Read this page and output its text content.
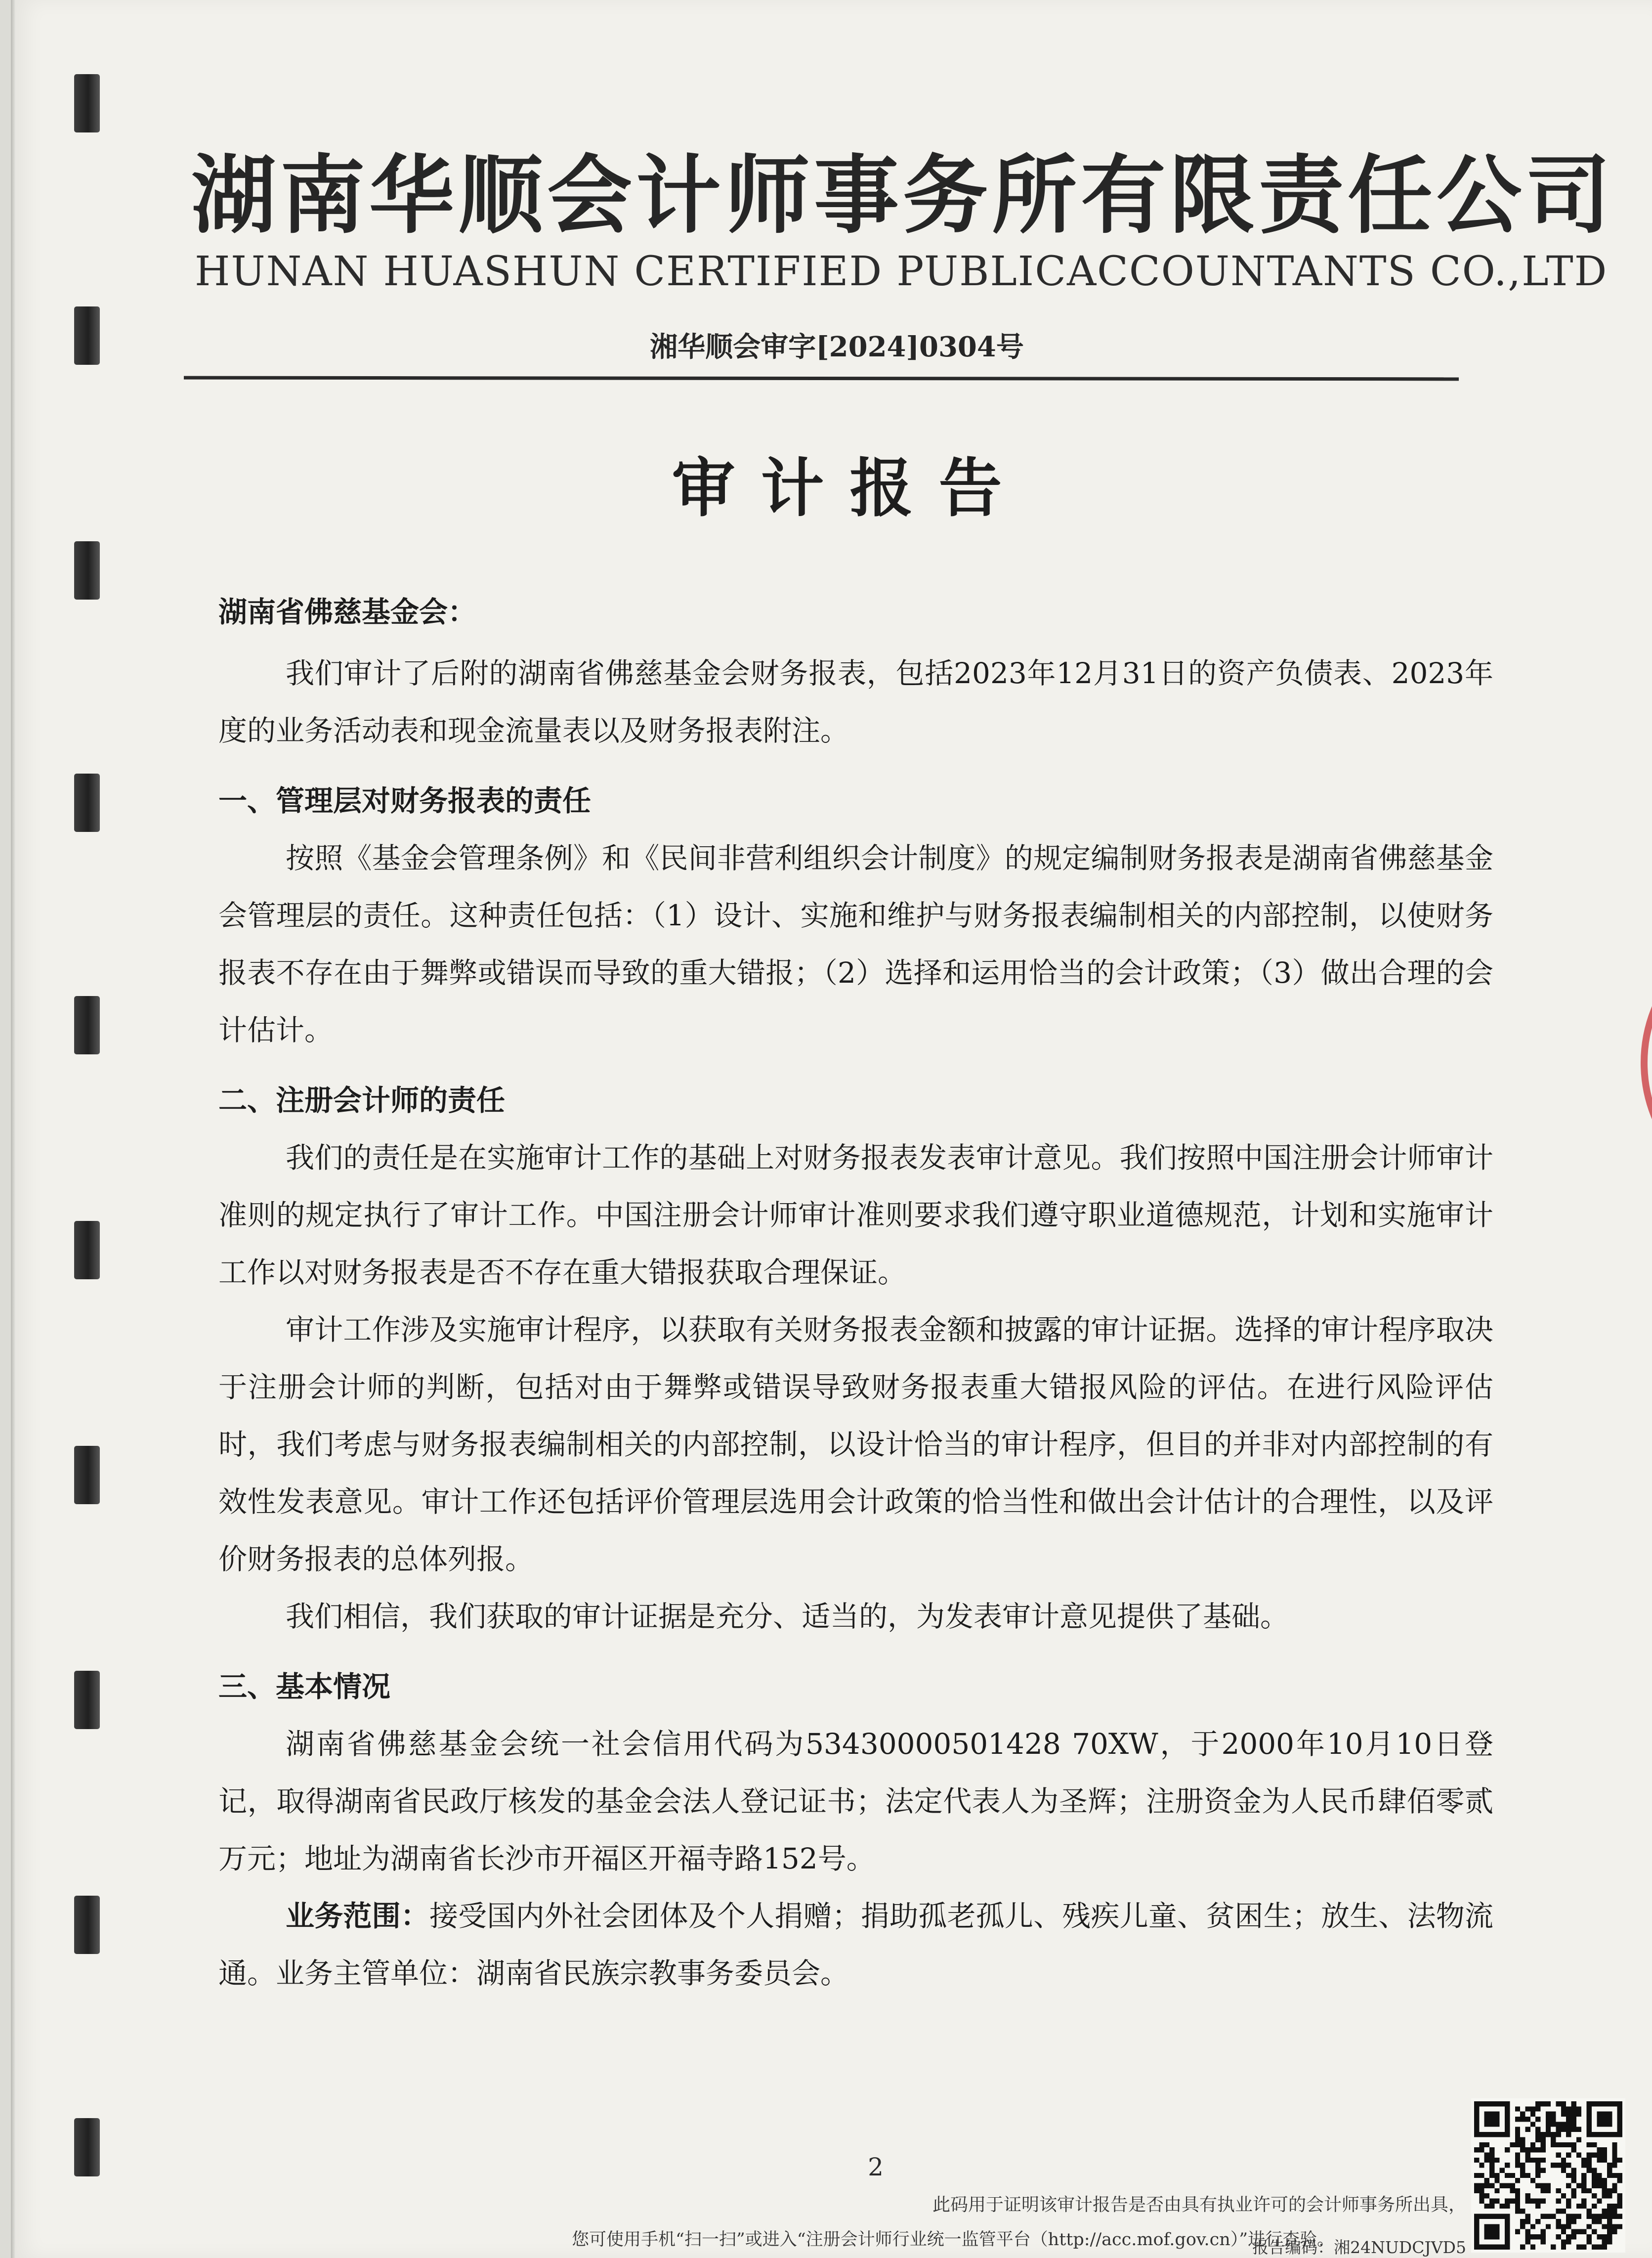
湖南华顺会计师事务所有限责任公司
HUNAN HUASHUN CERTIFIED PUBLICACCOUNTANTS CO.,LTD
湘华顺会审字[2024]0304号
审计报告

湖南省佛慈基金会：

我们审计了后附的湖南省佛慈基金会财务报表，包括2023年12月31日的资产负债表、2023年度的业务活动表和现金流量表以及财务报表附注。

一、管理层对财务报表的责任

按照《基金会管理条例》和《民间非营利组织会计制度》的规定编制财务报表是湖南省佛慈基金会管理层的责任。这种责任包括：（1）设计、实施和维护与财务报表编制相关的内部控制，以使财务报表不存在由于舞弊或错误而导致的重大错报；（2）选择和运用恰当的会计政策；（3）做出合理的会计估计。

二、注册会计师的责任

我们的责任是在实施审计工作的基础上对财务报表发表审计意见。我们按照中国注册会计师审计准则的规定执行了审计工作。中国注册会计师审计准则要求我们遵守职业道德规范，计划和实施审计工作以对财务报表是否不存在重大错报获取合理保证。

审计工作涉及实施审计程序，以获取有关财务报表金额和披露的审计证据。选择的审计程序取决于注册会计师的判断，包括对由于舞弊或错误导致财务报表重大错报风险的评估。在进行风险评估时，我们考虑与财务报表编制相关的内部控制，以设计恰当的审计程序，但目的并非对内部控制的有效性发表意见。审计工作还包括评价管理层选用会计政策的恰当性和做出会计估计的合理性，以及评价财务报表的总体列报。

我们相信，我们获取的审计证据是充分、适当的，为发表审计意见提供了基础。

三、基本情况

湖南省佛慈基金会统一社会信用代码为53430000501428 70XW，于2000年10月10日登记，取得湖南省民政厅核发的基金会法人登记证书；法定代表人为圣辉；注册资金为人民币肆佰零贰万元；地址为湖南省长沙市开福区开福寺路152号。

业务范围：接受国内外社会团体及个人捐赠；捐助孤老孤儿、残疾儿童、贫困生；放生、法物流通。业务主管单位：湖南省民族宗教事务委员会。

2
此码用于证明该审计报告是否由具有执业许可的会计师事务所出具，
您可使用手机“扫一扫”或进入“注册会计师行业统一监管平台（http://acc.mof.gov.cn）”进行查验。
报告编码：湘24NUDCJVD5
